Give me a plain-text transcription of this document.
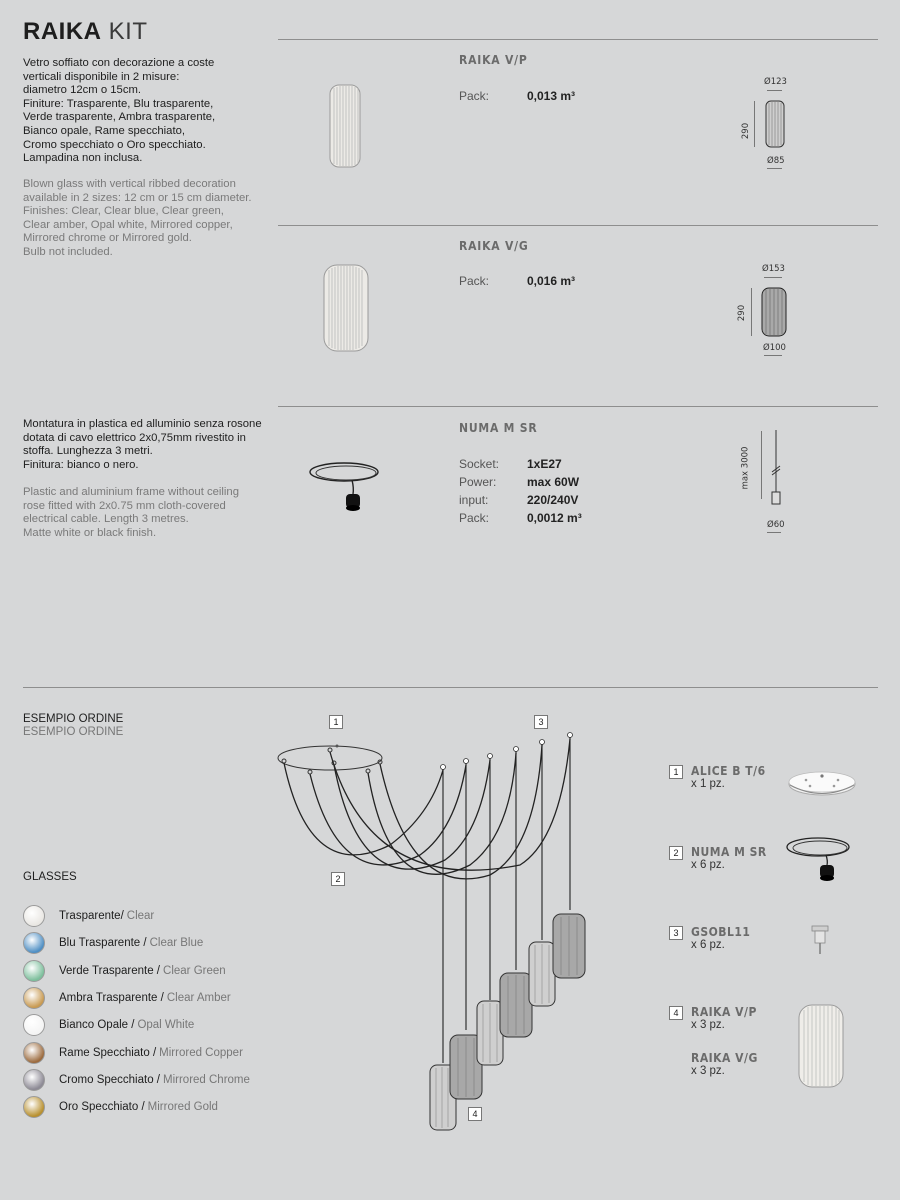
RAIKA KIT
Vetro soffiato con decorazione a coste
verticali disponibile in 2 misure:
diametro 12cm o 15cm.
Finiture: Trasparente, Blu trasparente,
Verde trasparente, Ambra trasparente,
Bianco opale, Rame specchiato,
Cromo specchiato o Oro specchiato.
Lampadina non inclusa.
Blown glass with vertical ribbed decoration
available in 2 sizes: 12 cm or 15 cm diameter.
Finishes: Clear, Clear blue, Clear green,
Clear amber, Opal white, Mirrored copper,
Mirrored chrome or Mirrored gold.
Bulb not included.
Montatura in plastica ed alluminio senza rosone
dotata di cavo elettrico 2x0,75mm rivestito in
stoffa. Lunghezza 3 metri.
Finitura: bianco o nero.
Plastic and aluminium frame without ceiling
rose fitted with 2x0.75 mm cloth-covered
electrical cable. Length 3 metres.
Matte white or black finish.
RAIKA V/P
Pack:	0,013 m³
Ø123
290
Ø85
RAIKA V/G
Pack:	0,016 m³
Ø153
290
Ø100
NUMA M SR
Socket: 1xE27
Power:	max 60W
input:	220/240V
Pack:	0,0012 m³
max 3000
Ø60
ESEMPIO ORDINE
ESEMPIO ORDINE
1
2
3
4
1	ALICE B T/6
x 1 pz.
2	NUMA M SR
x 6 pz.
3	GSOBL11
x 6 pz.
4	RAIKA V/P
x 3 pz.
RAIKA V/G
x 3 pz.
GLASSES
Trasparente/ Clear
Blu Trasparente / Clear Blue
Verde Trasparente / Clear Green
Ambra Trasparente / Clear Amber
Bianco Opale / Opal White
Rame Specchiato / Mirrored Copper
Cromo Specchiato / Mirrored Chrome
Oro Specchiato / Mirrored Gold
